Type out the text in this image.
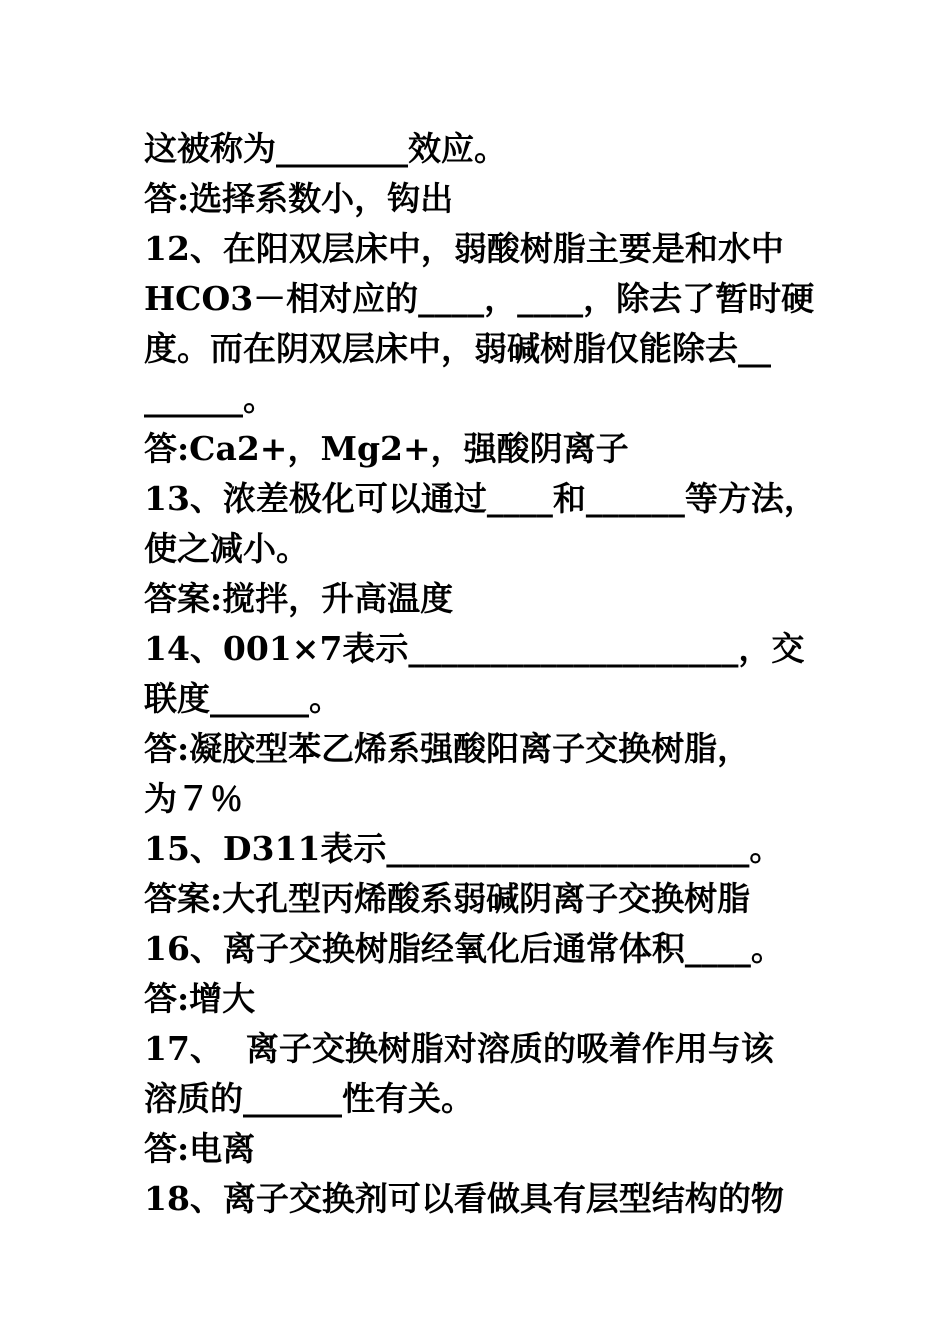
这被称为________效应。
答:选择系数小，钩出
12、在阳双层床中，弱酸树脂主要是和水中
HCO3－相对应的____，____，除去了暂时硬
度。而在阴双层床中，弱碱树脂仅能除去__
______。
答:Ca2+，Mg2+，强酸阴离子
13、浓差极化可以通过____和______等方法，
使之减小。
答案:搅拌，升高温度
14、001×7表示____________________，交
联度______。
答:凝胶型苯乙烯系强酸阳离子交换树脂，
为７％
15、D311表示______________________。
答案:大孔型丙烯酸系弱碱阴离子交换树脂
16、离子交换树脂经氧化后通常体积____。
答:增大
17、  离子交换树脂对溶质的吸着作用与该
溶质的______性有关。
答:电离
18、离子交换剂可以看做具有层型结构的物
